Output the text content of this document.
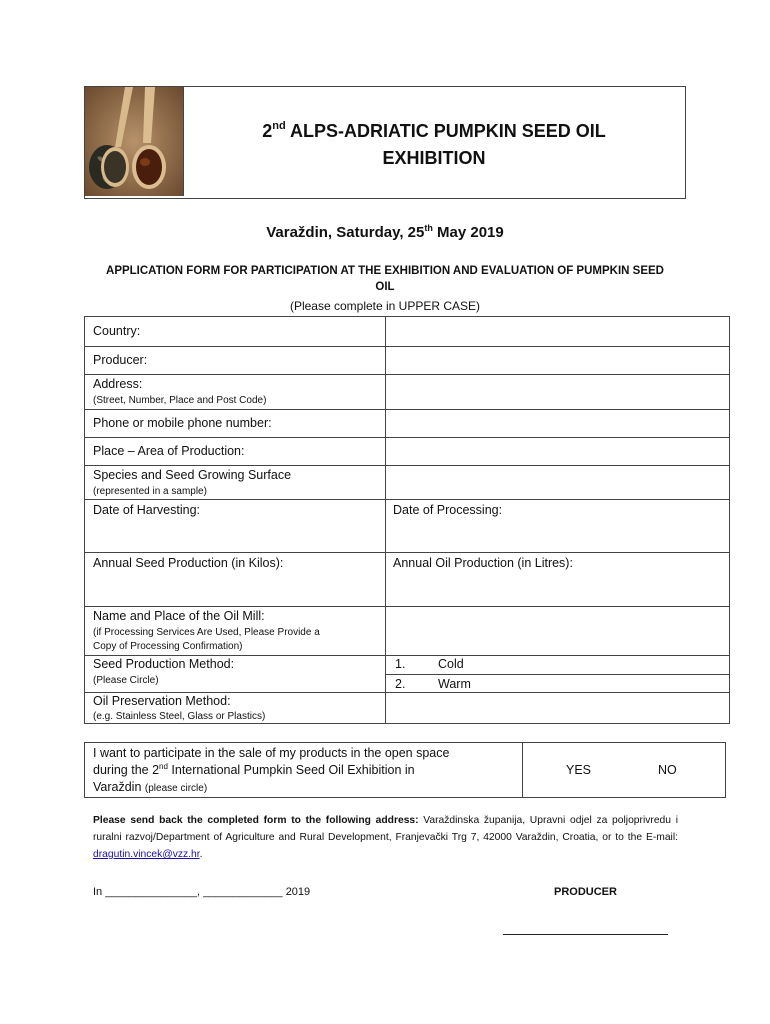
2nd ALPS-ADRIATIC PUMPKIN SEED OIL
EXHIBITION
Varaždin, Saturday, 25th May 2019
APPLICATION FORM FOR PARTICIPATION AT THE EXHIBITION AND EVALUATION OF PUMPKIN SEED OIL
(Please complete in UPPER CASE)
Country:
Producer:
Address:
(Street, Number, Place and Post Code)
Phone or mobile phone number:
Place – Area of Production:
Species and Seed Growing Surface
(represented in a sample)
Date of Harvesting:	Date of Processing:
Annual Seed Production (in Kilos):	Annual Oil Production (in Litres):
Name and Place of the Oil Mill:
(if Processing Services Are Used, Please Provide a
Copy of Processing Confirmation)
Seed Production Method:
(Please Circle)
1.	Cold
2.	Warm
Oil Preservation Method:
(e.g. Stainless Steel, Glass or Plastics)
I want to participate in the sale of my products in the open space
during the 2nd International Pumpkin Seed Oil Exhibition in
Varaždin (please circle)
YES	NO
Please send back the completed form to the following address: Varaždinska županija, Upravni odjel za poljoprivredu i ruralni razvoj/Department of Agriculture and Rural Development, Franjevački Trg 7, 42000 Varaždin, Croatia, or to the E-mail: dragutin.vincek@vzz.hr.
In _______________, _____________ 2019	PRODUCER
